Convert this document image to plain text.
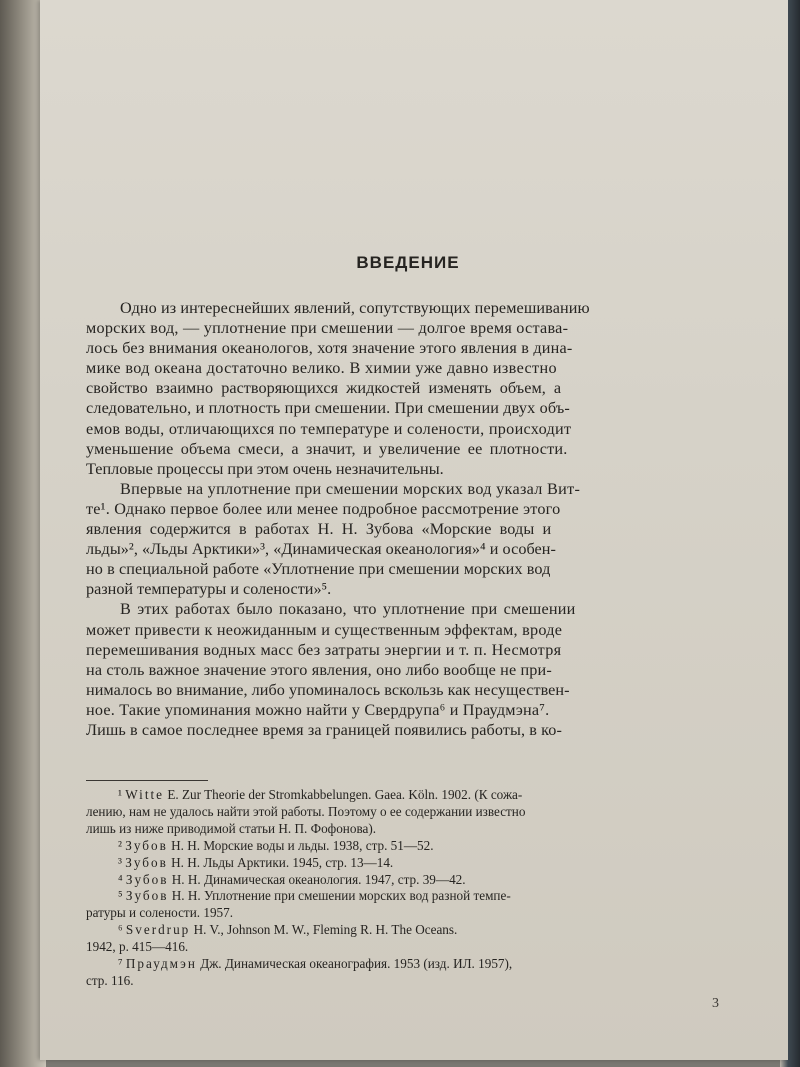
ВВЕДЕНИЕ
Одно из интереснейших явлений, сопутствующих перемешиванию
морских вод, — уплотнение при смешении — долгое время остава-
лось без внимания океанологов, хотя значение этого явления в дина-
мике вод океана достаточно велико. В химии уже давно известно
свойство взаимно растворяющихся жидкостей изменять объем, а
следовательно, и плотность при смешении. При смешении двух объ-
емов воды, отличающихся по температуре и солености, происходит
уменьшение объема смеси, а значит, и увеличение ее плотности.
Тепловые процессы при этом очень незначительны.
Впервые на уплотнение при смешении морских вод указал Вит-
те¹. Однако первое более или менее подробное рассмотрение этого
явления содержится в работах Н. Н. Зубова «Морские воды и
льды»², «Льды Арктики»³, «Динамическая океанология»⁴ и особен-
но в специальной работе «Уплотнение при смешении морских вод
разной температуры и солености»⁵.
В этих работах было показано, что уплотнение при смешении
может привести к неожиданным и существенным эффектам, вроде
перемешивания водных масс без затраты энергии и т. п. Несмотря
на столь важное значение этого явления, оно либо вообще не при-
нималось во внимание, либо упоминалось вскользь как несуществен-
ное. Такие упоминания можно найти у Свердрупа⁶ и Праудмэна⁷.
Лишь в самое последнее время за границей появились работы, в ко-
¹ Witte E. Zur Theorie der Stromkabbelungen. Gaea. Köln. 1902. (К сожа-
лению, нам не удалось найти этой работы. Поэтому о ее содержании известно
лишь из ниже приводимой статьи Н. П. Фофонова).
² Зубов Н. Н. Морские воды и льды. 1938, стр. 51—52.
³ Зубов Н. Н. Льды Арктики. 1945, стр. 13—14.
⁴ Зубов Н. Н. Динамическая океанология. 1947, стр. 39—42.
⁵ Зубов Н. Н. Уплотнение при смешении морских вод разной темпе-
ратуры и солености. 1957.
⁶ Sverdrup H. V., Johnson M. W., Fleming R. H. The Oceans.
1942, р. 415—416.
⁷ Праудмэн Дж. Динамическая океанография. 1953 (изд. ИЛ. 1957),
стр. 116.
3
